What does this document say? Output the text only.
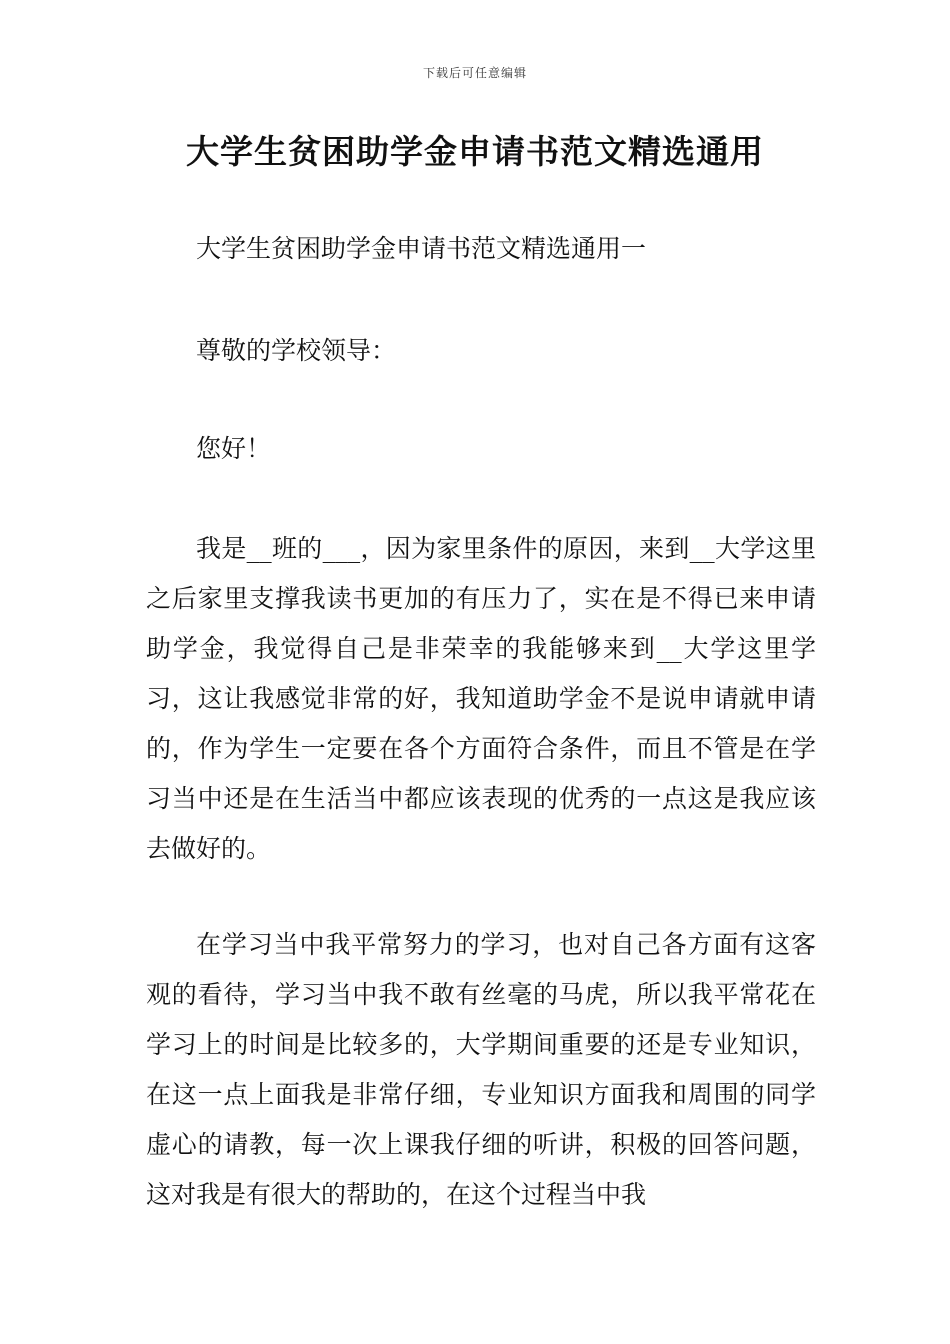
下载后可任意编辑
大学生贫困助学金申请书范文精选通用
大学生贫困助学金申请书范文精选通用一
尊敬的学校领导：
您好！

我是__班的___，因为家里条件的原因，来到__大学这里之后家里支撑我读书更加的有压力了，实在是不得已来申请助学金，我觉得自己是非荣幸的我能够来到__大学这里学习，这让我感觉非常的好，我知道助学金不是说申请就申请的，作为学生一定要在各个方面符合条件，而且不管是在学习当中还是在生活当中都应该表现的优秀的一点这是我应该去做好的。

在学习当中我平常努力的学习，也对自己各方面有这客观的看待，学习当中我不敢有丝毫的马虎，所以我平常花在学习上的时间是比较多的，大学期间重要的还是专业知识，在这一点上面我是非常仔细，专业知识方面我和周围的同学虚心的请教，每一次上课我仔细的听讲，积极的回答问题，这对我是有很大的帮助的，在这个过程当中我
